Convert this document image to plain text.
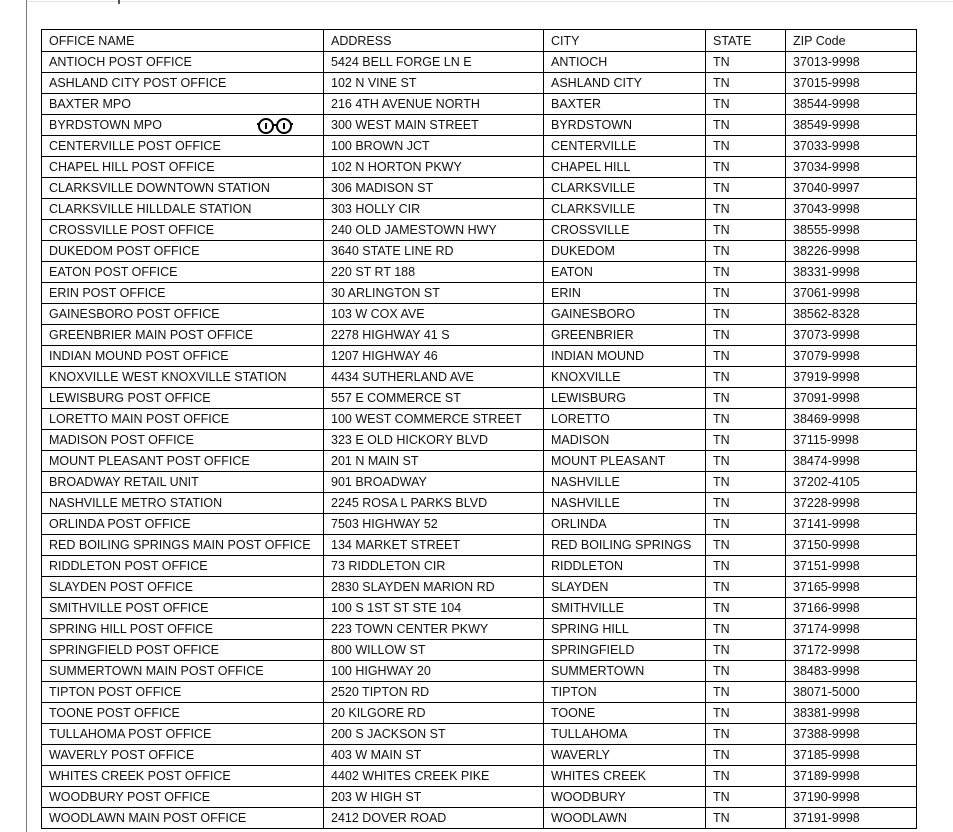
OFFICE NAME	ADDRESS	CITY	STATE	ZIP Code
ANTIOCH POST OFFICE	5424 BELL FORGE LN E	ANTIOCH	TN	37013-9998
ASHLAND CITY POST OFFICE	102 N VINE ST	ASHLAND CITY	TN	37015-9998
BAXTER MPO	216 4TH AVENUE NORTH	BAXTER	TN	38544-9998
BYRDSTOWN MPO	300 WEST MAIN STREET	BYRDSTOWN	TN	38549-9998
CENTERVILLE POST OFFICE	100 BROWN JCT	CENTERVILLE	TN	37033-9998
CHAPEL HILL POST OFFICE	102 N HORTON PKWY	CHAPEL HILL	TN	37034-9998
CLARKSVILLE DOWNTOWN STATION	306 MADISON ST	CLARKSVILLE	TN	37040-9997
CLARKSVILLE HILLDALE STATION	303 HOLLY CIR	CLARKSVILLE	TN	37043-9998
CROSSVILLE POST OFFICE	240 OLD JAMESTOWN HWY	CROSSVILLE	TN	38555-9998
DUKEDOM POST OFFICE	3640 STATE LINE RD	DUKEDOM	TN	38226-9998
EATON POST OFFICE	220 ST RT 188	EATON	TN	38331-9998
ERIN POST OFFICE	30 ARLINGTON ST	ERIN	TN	37061-9998
GAINESBORO POST OFFICE	103 W COX AVE	GAINESBORO	TN	38562-8328
GREENBRIER MAIN POST OFFICE	2278 HIGHWAY 41 S	GREENBRIER	TN	37073-9998
INDIAN MOUND POST OFFICE	1207 HIGHWAY 46	INDIAN MOUND	TN	37079-9998
KNOXVILLE WEST KNOXVILLE STATION	4434 SUTHERLAND AVE	KNOXVILLE	TN	37919-9998
LEWISBURG POST OFFICE	557 E COMMERCE ST	LEWISBURG	TN	37091-9998
LORETTO MAIN POST OFFICE	100 WEST COMMERCE STREET	LORETTO	TN	38469-9998
MADISON POST OFFICE	323 E OLD HICKORY BLVD	MADISON	TN	37115-9998
MOUNT PLEASANT POST OFFICE	201 N MAIN ST	MOUNT PLEASANT	TN	38474-9998
BROADWAY RETAIL UNIT	901 BROADWAY	NASHVILLE	TN	37202-4105
NASHVILLE METRO STATION	2245 ROSA L PARKS BLVD	NASHVILLE	TN	37228-9998
ORLINDA POST OFFICE	7503 HIGHWAY 52	ORLINDA	TN	37141-9998
RED BOILING SPRINGS MAIN POST OFFICE	134 MARKET STREET	RED BOILING SPRINGS	TN	37150-9998
RIDDLETON POST OFFICE	73 RIDDLETON CIR	RIDDLETON	TN	37151-9998
SLAYDEN POST OFFICE	2830 SLAYDEN MARION RD	SLAYDEN	TN	37165-9998
SMITHVILLE POST OFFICE	100 S 1ST ST STE 104	SMITHVILLE	TN	37166-9998
SPRING HILL POST OFFICE	223 TOWN CENTER PKWY	SPRING HILL	TN	37174-9998
SPRINGFIELD POST OFFICE	800 WILLOW ST	SPRINGFIELD	TN	37172-9998
SUMMERTOWN MAIN POST OFFICE	100 HIGHWAY 20	SUMMERTOWN	TN	38483-9998
TIPTON POST OFFICE	2520 TIPTON RD	TIPTON	TN	38071-5000
TOONE POST OFFICE	20 KILGORE RD	TOONE	TN	38381-9998
TULLAHOMA POST OFFICE	200 S JACKSON ST	TULLAHOMA	TN	37388-9998
WAVERLY POST OFFICE	403 W MAIN ST	WAVERLY	TN	37185-9998
WHITES CREEK POST OFFICE	4402 WHITES CREEK PIKE	WHITES CREEK	TN	37189-9998
WOODBURY POST OFFICE	203 W HIGH ST	WOODBURY	TN	37190-9998
WOODLAWN MAIN POST OFFICE	2412 DOVER ROAD	WOODLAWN	TN	37191-9998
